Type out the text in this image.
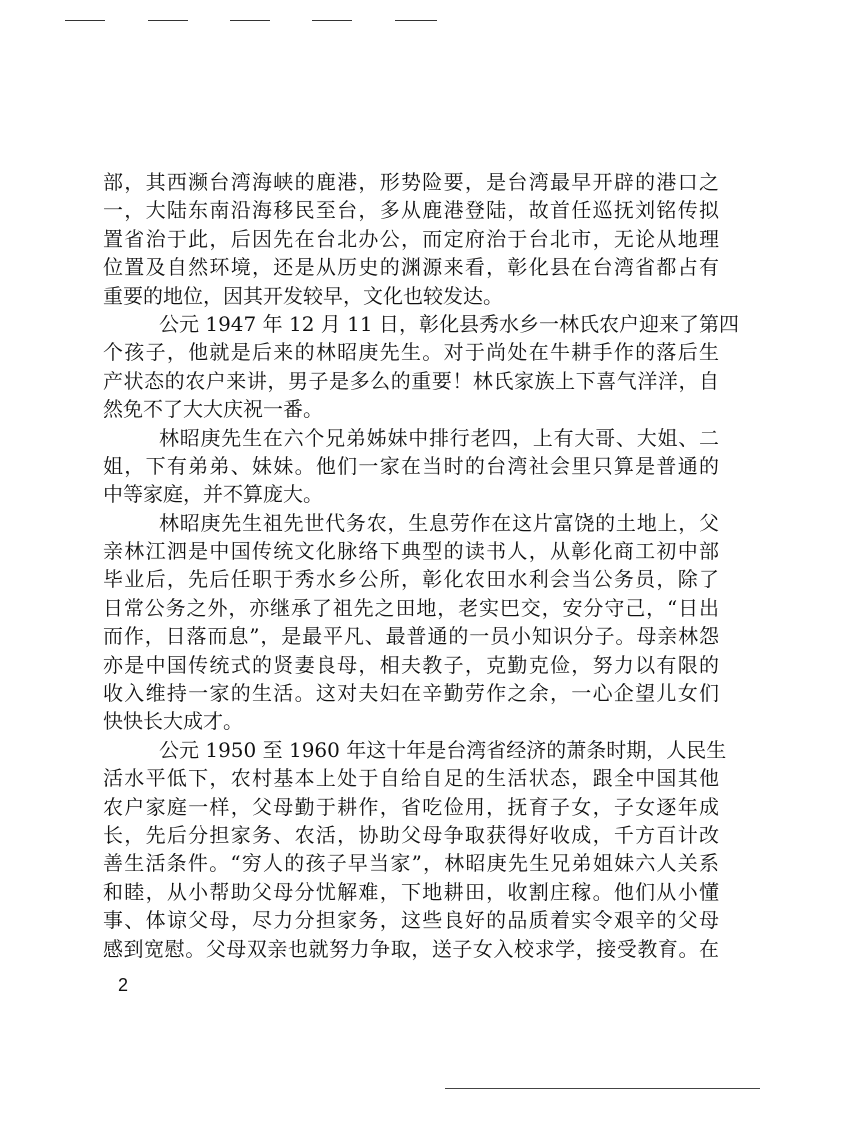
部，其西濒台湾海峡的鹿港，形势险要，是台湾最早开辟的港口之
一，大陆东南沿海移民至台，多从鹿港登陆，故首任巡抚刘铭传拟
置省治于此，后因先在台北办公，而定府治于台北市，无论从地理
位置及自然环境，还是从历史的渊源来看，彰化县在台湾省都占有
重要的地位，因其开发较早，文化也较发达。
公元 1947 年 12 月 11 日，彰化县秀水乡一林氏农户迎来了第四
个孩子，他就是后来的林昭庚先生。对于尚处在牛耕手作的落后生
产状态的农户来讲，男子是多么的重要！林氏家族上下喜气洋洋，自
然免不了大大庆祝一番。
林昭庚先生在六个兄弟姊妹中排行老四，上有大哥、大姐、二
姐，下有弟弟、妹妹。他们一家在当时的台湾社会里只算是普通的
中等家庭，并不算庞大。
林昭庚先生祖先世代务农，生息劳作在这片富饶的土地上，父
亲林江泗是中国传统文化脉络下典型的读书人，从彰化商工初中部
毕业后，先后任职于秀水乡公所，彰化农田水利会当公务员，除了
日常公务之外，亦继承了祖先之田地，老实巴交，安分守己，“日出
而作，日落而息”，是最平凡、最普通的一员小知识分子。母亲林怨
亦是中国传统式的贤妻良母，相夫教子，克勤克俭，努力以有限的
收入维持一家的生活。这对夫妇在辛勤劳作之余，一心企望儿女们
快快长大成才。
公元 1950 至 1960 年这十年是台湾省经济的萧条时期，人民生
活水平低下，农村基本上处于自给自足的生活状态，跟全中国其他
农户家庭一样，父母勤于耕作，省吃俭用，抚育子女，子女逐年成
长，先后分担家务、农活，协助父母争取获得好收成，千方百计改
善生活条件。“穷人的孩子早当家”，林昭庚先生兄弟姐妹六人关系
和睦，从小帮助父母分忧解难，下地耕田，收割庄稼。他们从小懂
事、体谅父母，尽力分担家务，这些良好的品质着实令艰辛的父母
感到宽慰。父母双亲也就努力争取，送子女入校求学，接受教育。在
2
